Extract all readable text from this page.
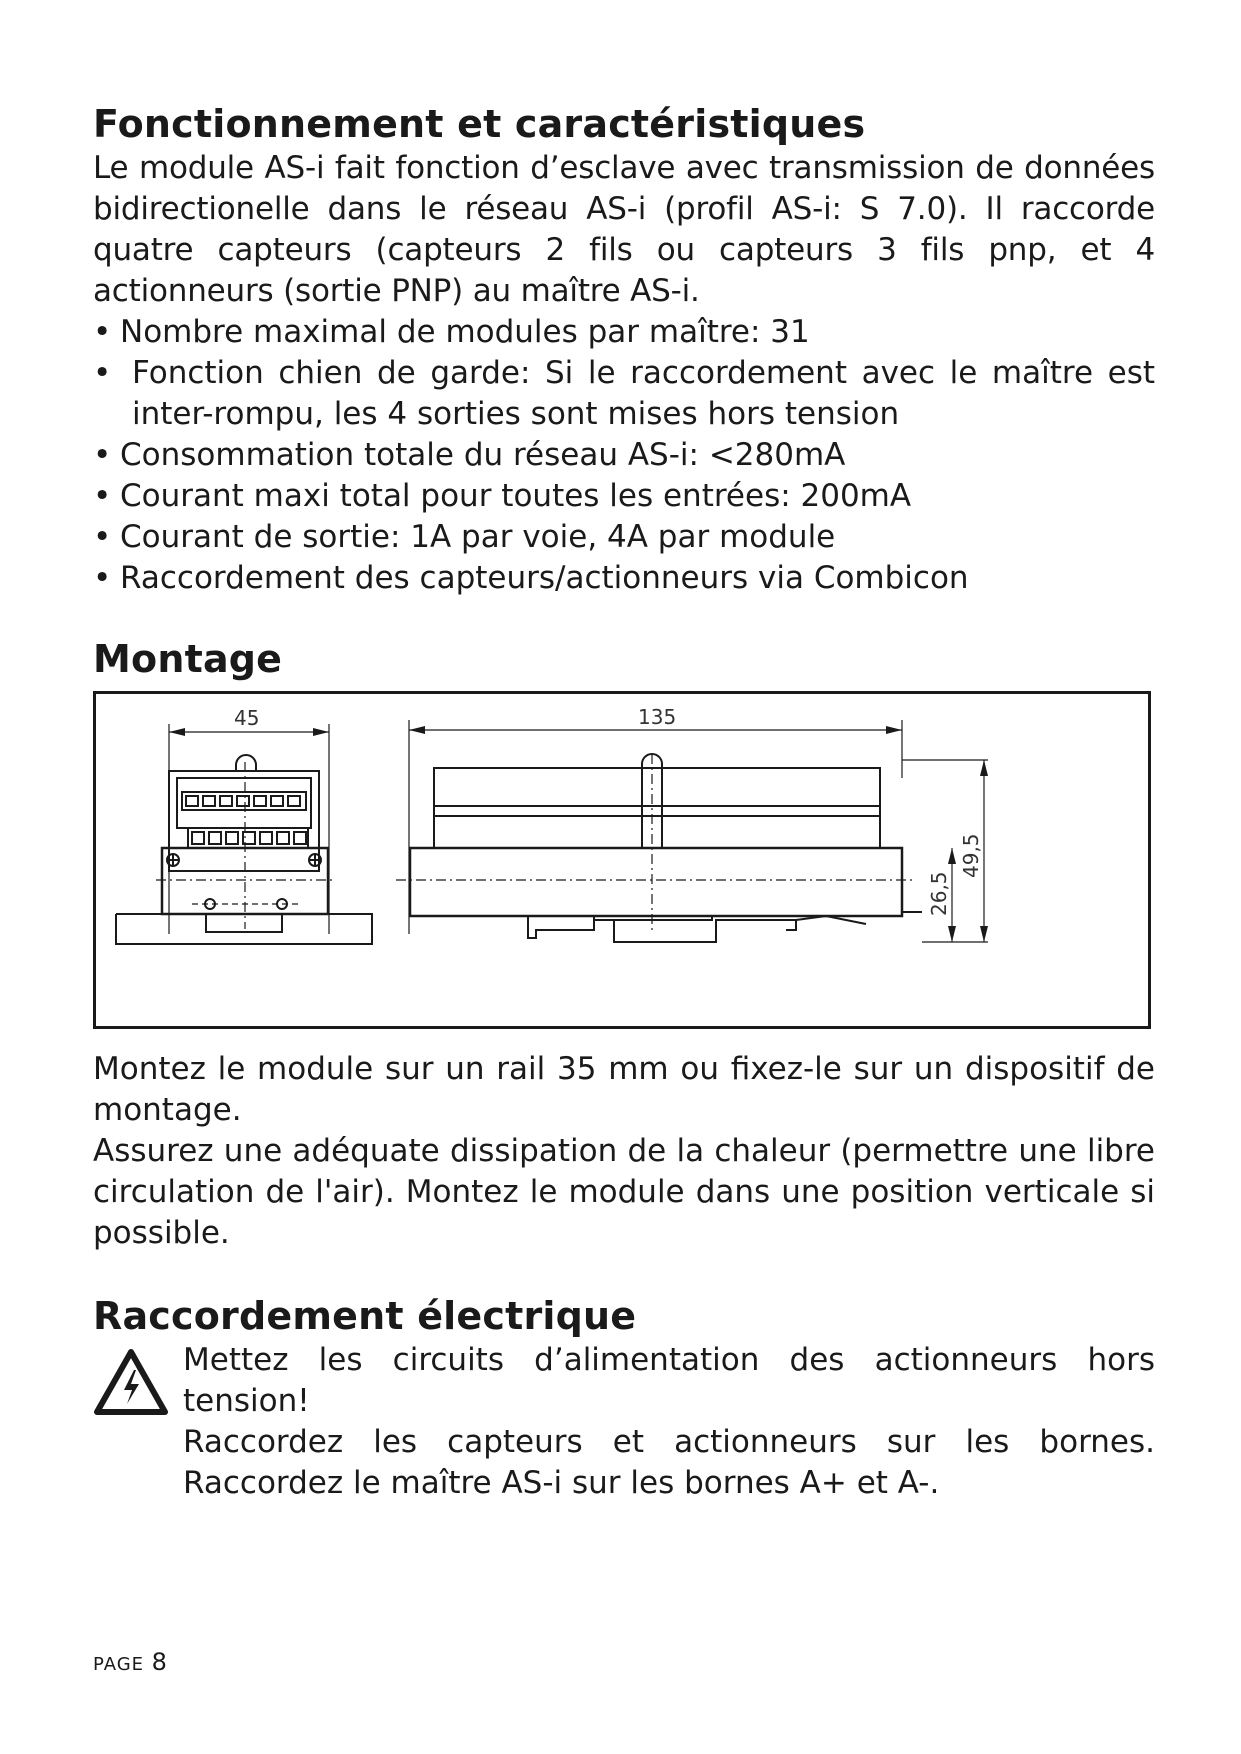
Fonctionnement et caractéristiques

Le module AS-i fait fonction d’esclave avec transmission de données bidirectionelle dans le réseau AS-i (profil AS-i: S 7.0). Il raccorde quatre capteurs (capteurs 2 fils ou capteurs 3 fils pnp, et 4 actionneurs (sortie PNP) au maître AS-i.

• Nombre maximal de modules par maître: 31
• Fonction chien de garde: Si le raccordement avec le maître est inter-rompu, les 4 sorties sont mises hors tension
• Consommation totale du réseau AS-i: <280mA
• Courant maxi total pour toutes les entrées: 200mA
• Courant de sortie: 1A par voie, 4A par module
• Raccordement des capteurs/actionneurs via Combicon
Montage
45	135
26,5
49,5

Montez le module sur un rail 35 mm ou fixez-le sur un dispositif de montage.

Assurez une adéquate dissipation de la chaleur (permettre une libre circulation de l'air). Montez le module dans une position verticale si possible.

Raccordement électrique

Mettez les circuits d’alimentation des actionneurs hors tension!

Raccordez les capteurs et actionneurs sur les bornes. Raccordez le maître AS-i sur les bornes A+ et A-.

PAGE 8
